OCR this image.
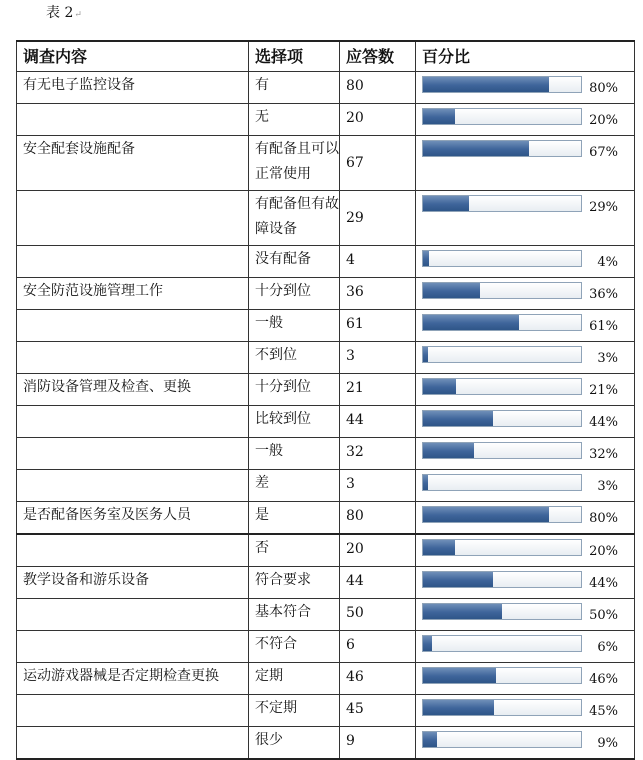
表 2↵
调查内容	选择项	应答数	百分比
有无电子监控设备	有	80	80%

	无	20	20%

安全配套设施配备	有配备且可以正常使用	67	67%

	有配备但有故障设备	29	29%

	没有配备	4	4%

安全防范设施管理工作	十分到位	36	36%

	一般	61	61%

	不到位	3	3%

消防设备管理及检查、更换	十分到位	21	21%

	比较到位	44	44%

	一般	32	32%

	差	3	3%

是否配备医务室及医务人员	是	80	80%

	否	20	20%

教学设备和游乐设备	符合要求	44	44%

	基本符合	50	50%

	不符合	6	6%

运动游戏器械是否定期检查更换	定期	46	46%

	不定期	45	45%

	很少	9	9%
